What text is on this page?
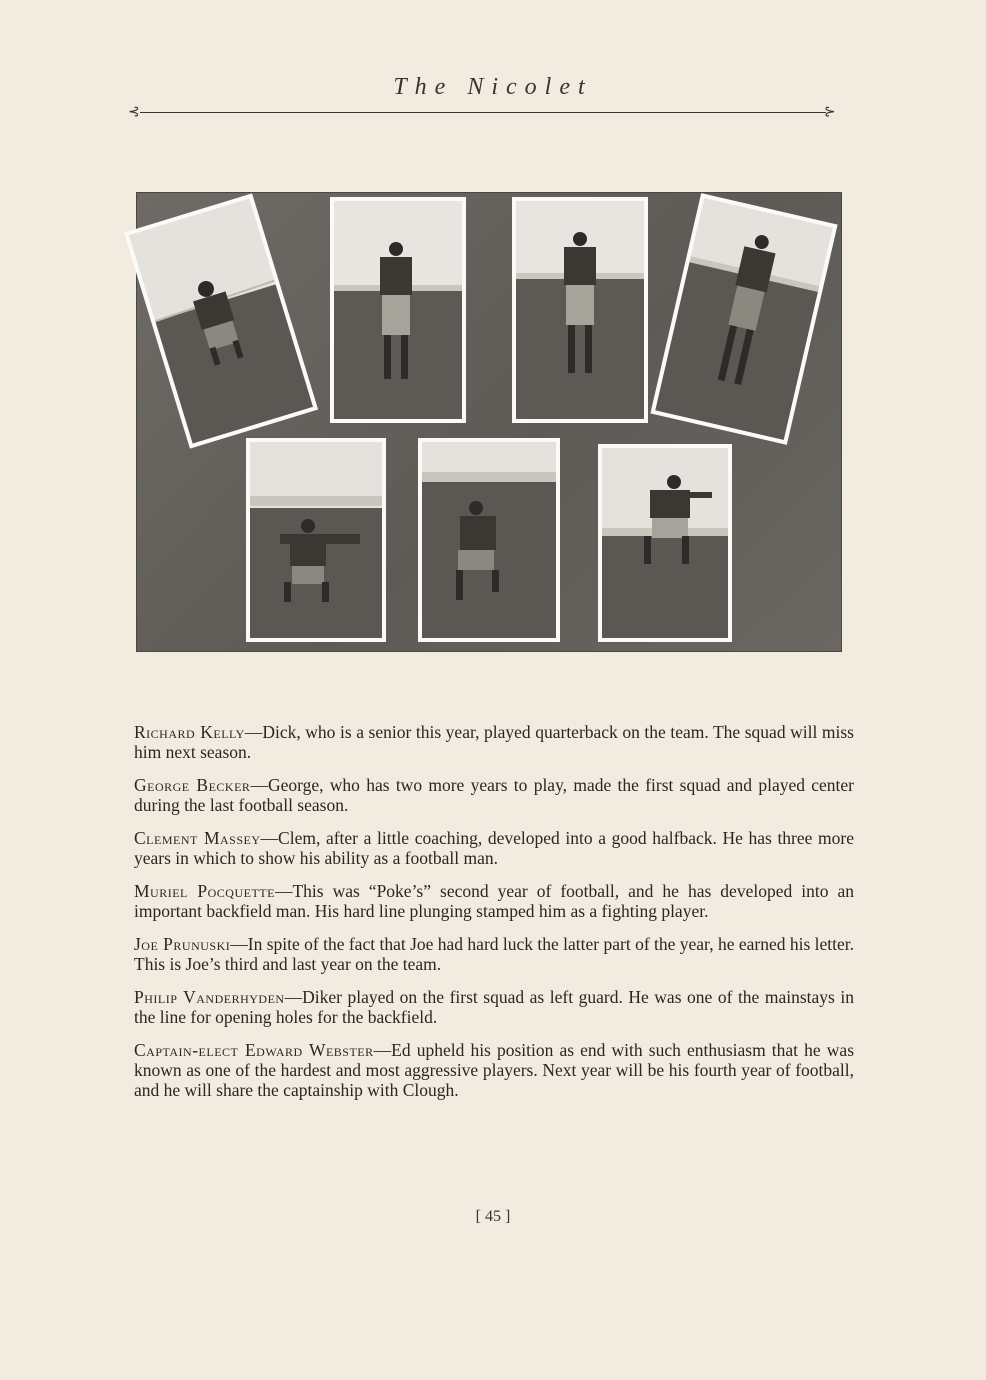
The Nicolet
⊰	⊱

Richard Kelly—Dick, who is a senior this year, played quarterback on the team. The squad will miss him next season.

George Becker—George, who has two more years to play, made the first squad and played center during the last football season.

Clement Massey—Clem, after a little coaching, developed into a good halfback. He has three more years in which to show his ability as a football man.

Muriel Pocquette—This was “Poke’s” second year of football, and he has developed into an important backfield man. His hard line plunging stamped him as a fighting player.

Joe Prunuski—In spite of the fact that Joe had hard luck the latter part of the year, he earned his letter. This is Joe’s third and last year on the team.

Philip Vanderhyden—Diker played on the first squad as left guard. He was one of the mainstays in the line for opening holes for the backfield.

Captain-elect Edward Webster—Ed upheld his position as end with such enthusiasm that he was known as one of the hardest and most aggressive players. Next year will be his fourth year of football, and he will share the captainship with Clough.

[ 45 ]
